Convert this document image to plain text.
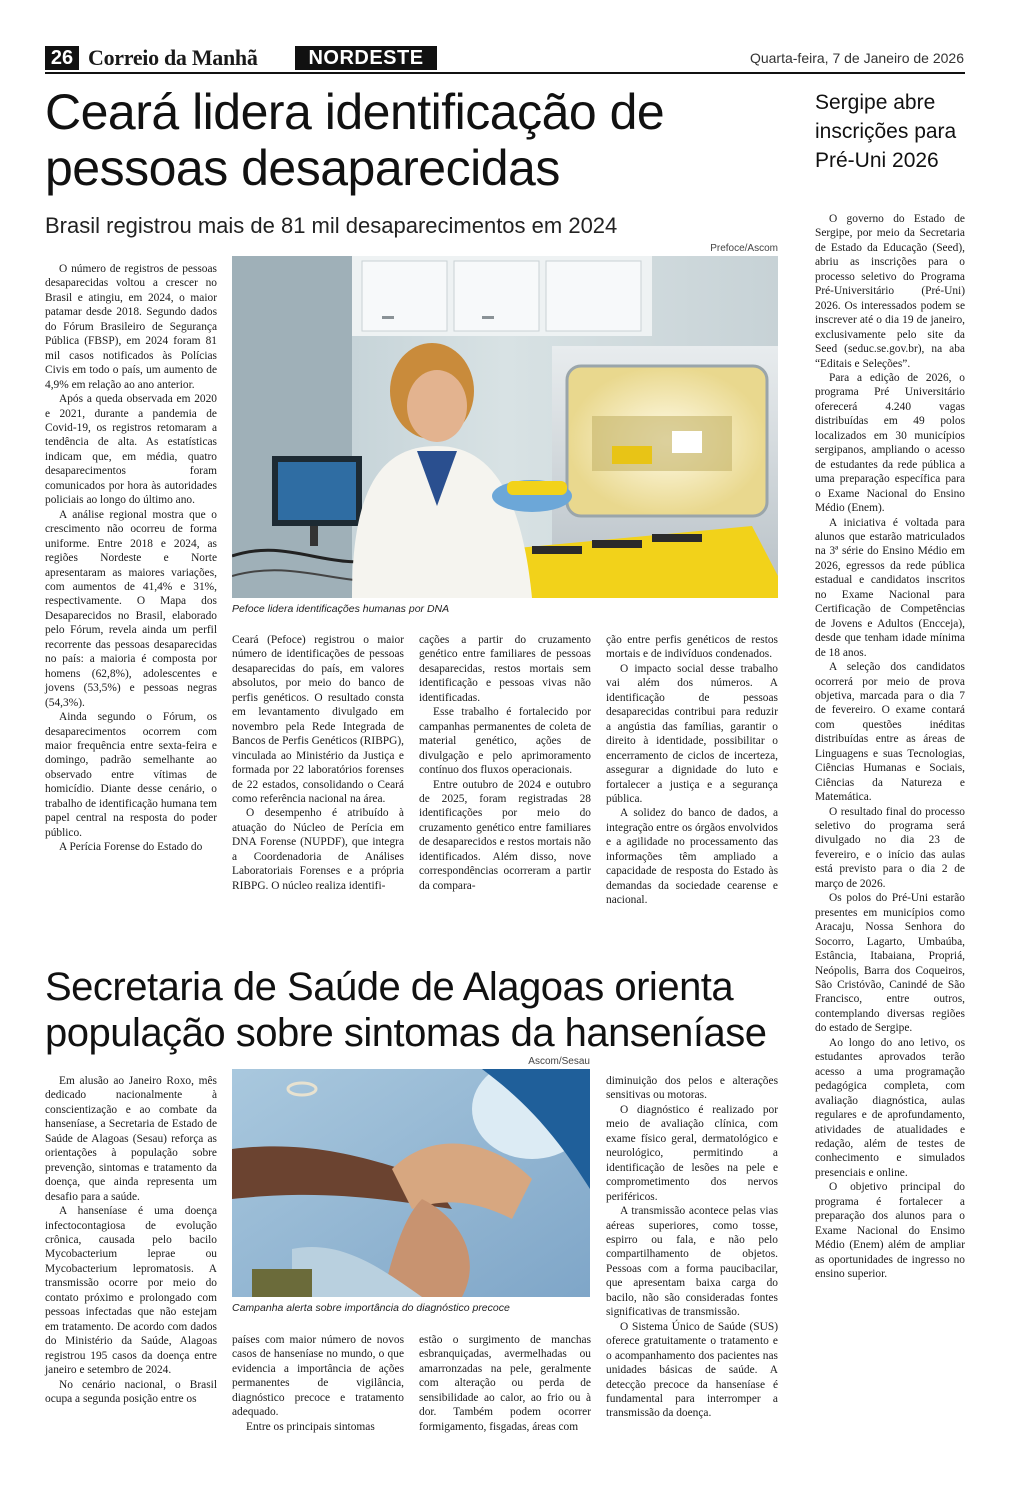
26 Correio da Manhã	NORDESTE	Quarta-feira, 7 de Janeiro de 2026
Ceará lidera identificação de pessoas desaparecidas
Brasil registrou mais de 81 mil desaparecimentos em 2024
Prefoce/Ascom
Pefoce lidera identificações humanas por DNA

O número de registros de pessoas desaparecidas voltou a crescer no Brasil e atingiu, em 2024, o maior patamar desde 2018. Segundo dados do Fórum Brasileiro de Segurança Pública (FBSP), em 2024 foram 81 mil casos notificados às Polícias Civis em todo o país, um aumento de 4,9% em relação ao ano anterior.

Após a queda observada em 2020 e 2021, durante a pandemia de Covid-19, os registros retomaram a tendência de alta. As estatísticas indicam que, em média, quatro desaparecimentos foram comunicados por hora às autoridades policiais ao longo do último ano.

A análise regional mostra que o crescimento não ocorreu de forma uniforme. Entre 2018 e 2024, as regiões Nordeste e Norte apresentaram as maiores variações, com aumentos de 41,4% e 31%, respectivamente. O Mapa dos Desaparecidos no Brasil, elaborado pelo Fórum, revela ainda um perfil recorrente das pessoas desaparecidas no país: a maioria é composta por homens (62,8%), adolescentes e jovens (53,5%) e pessoas negras (54,3%).

Ainda segundo o Fórum, os desaparecimentos ocorrem com maior frequência entre sexta-feira e domingo, padrão semelhante ao observado entre vítimas de homicídio. Diante desse cenário, o trabalho de identificação humana tem papel central na resposta do poder público.

A Perícia Forense do Estado do

Ceará (Pefoce) registrou o maior número de identificações de pessoas desaparecidas do país, em valores absolutos, por meio do banco de perfis genéticos. O resultado consta em levantamento divulgado em novembro pela Rede Integrada de Bancos de Perfis Genéticos (RIBPG), vinculada ao Ministério da Justiça e formada por 22 laboratórios forenses de 22 estados, consolidando o Ceará como referência nacional na área.

O desempenho é atribuído à atuação do Núcleo de Perícia em DNA Forense (NUPDF), que integra a Coordenadoria de Análises Laboratoriais Forenses e a própria RIBPG. O núcleo realiza identifi-

cações a partir do cruzamento genético entre familiares de pessoas desaparecidas, restos mortais sem identificação e pessoas vivas não identificadas.

Esse trabalho é fortalecido por campanhas permanentes de coleta de material genético, ações de divulgação e pelo aprimoramento contínuo dos fluxos operacionais.

Entre outubro de 2024 e outubro de 2025, foram registradas 28 identificações por meio do cruzamento genético entre familiares de desaparecidos e restos mortais não identificados. Além disso, nove correspondências ocorreram a partir da compara-

ção entre perfis genéticos de restos mortais e de indivíduos condenados.

O impacto social desse trabalho vai além dos números. A identificação de pessoas desaparecidas contribui para reduzir a angústia das famílias, garantir o direito à identidade, possibilitar o encerramento de ciclos de incerteza, assegurar a dignidade do luto e fortalecer a justiça e a segurança pública.

A solidez do banco de dados, a integração entre os órgãos envolvidos e a agilidade no processamento das informações têm ampliado a capacidade de resposta do Estado às demandas da sociedade cearense e nacional.

Secretaria de Saúde de Alagoas orienta população sobre sintomas da hanseníase
Ascom/Sesau
Campanha alerta sobre importância do diagnóstico precoce

Em alusão ao Janeiro Roxo, mês dedicado nacionalmente à conscientização e ao combate da hanseníase, a Secretaria de Estado de Saúde de Alagoas (Sesau) reforça as orientações à população sobre prevenção, sintomas e tratamento da doença, que ainda representa um desafio para a saúde.

A hanseníase é uma doença infectocontagiosa de evolução crônica, causada pelo bacilo Mycobacterium leprae ou Mycobacterium lepromatosis. A transmissão ocorre por meio do contato próximo e prolongado com pessoas infectadas que não estejam em tratamento. De acordo com dados do Ministério da Saúde, Alagoas registrou 195 casos da doença entre janeiro e setembro de 2024.

No cenário nacional, o Brasil ocupa a segunda posição entre os

países com maior número de novos casos de hanseníase no mundo, o que evidencia a importância de ações permanentes de vigilância, diagnóstico precoce e tratamento adequado.

Entre os principais sintomas

estão o surgimento de manchas esbranquiçadas, avermelhadas ou amarronzadas na pele, geralmente com alteração ou perda de sensibilidade ao calor, ao frio ou à dor. Também podem ocorrer formigamento, fisgadas, áreas com

diminuição dos pelos e alterações sensitivas ou motoras.

O diagnóstico é realizado por meio de avaliação clínica, com exame físico geral, dermatológico e neurológico, permitindo a identificação de lesões na pele e comprometimento dos nervos periféricos.

A transmissão acontece pelas vias aéreas superiores, como tosse, espirro ou fala, e não pelo compartilhamento de objetos. Pessoas com a forma paucibacilar, que apresentam baixa carga do bacilo, não são consideradas fontes significativas de transmissão.

O Sistema Único de Saúde (SUS) oferece gratuitamente o tratamento e o acompanhamento dos pacientes nas unidades básicas de saúde. A detecção precoce da hanseníase é fundamental para interromper a transmissão da doença.

Sergipe abre inscrições para Pré-Uni 2026

O governo do Estado de Sergipe, por meio da Secretaria de Estado da Educação (Seed), abriu as inscrições para o processo seletivo do Programa Pré-Universitário (Pré-Uni) 2026. Os interessados podem se inscrever até o dia 19 de janeiro, exclusivamente pelo site da Seed (seduc.se.gov.br), na aba “Editais e Seleções”.

Para a edição de 2026, o programa Pré Universitário oferecerá 4.240 vagas distribuídas em 49 polos localizados em 30 municípios sergipanos, ampliando o acesso de estudantes da rede pública a uma preparação específica para o Exame Nacional do Ensino Médio (Enem).

A iniciativa é voltada para alunos que estarão matriculados na 3ª série do Ensino Médio em 2026, egressos da rede pública estadual e candidatos inscritos no Exame Nacional para Certificação de Competências de Jovens e Adultos (Encceja), desde que tenham idade mínima de 18 anos.

A seleção dos candidatos ocorrerá por meio de prova objetiva, marcada para o dia 7 de fevereiro. O exame contará com questões inéditas distribuídas entre as áreas de Linguagens e suas Tecnologias, Ciências Humanas e Sociais, Ciências da Natureza e Matemática.

O resultado final do processo seletivo do programa será divulgado no dia 23 de fevereiro, e o início das aulas está previsto para o dia 2 de março de 2026.

Os polos do Pré-Uni estarão presentes em municípios como Aracaju, Nossa Senhora do Socorro, Lagarto, Umbaúba, Estância, Itabaiana, Propriá, Neópolis, Barra dos Coqueiros, São Cristóvão, Canindé de São Francisco, entre outros, contemplando diversas regiões do estado de Sergipe.

Ao longo do ano letivo, os estudantes aprovados terão acesso a uma programação pedagógica completa, com avaliação diagnóstica, aulas regulares e de aprofundamento, atividades de atualidades e redação, além de testes de conhecimento e simulados presenciais e online.

O objetivo principal do programa é fortalecer a preparação dos alunos para o Exame Nacional do Ensimo Médio (Enem) além de ampliar as oportunidades de ingresso no ensino superior.
